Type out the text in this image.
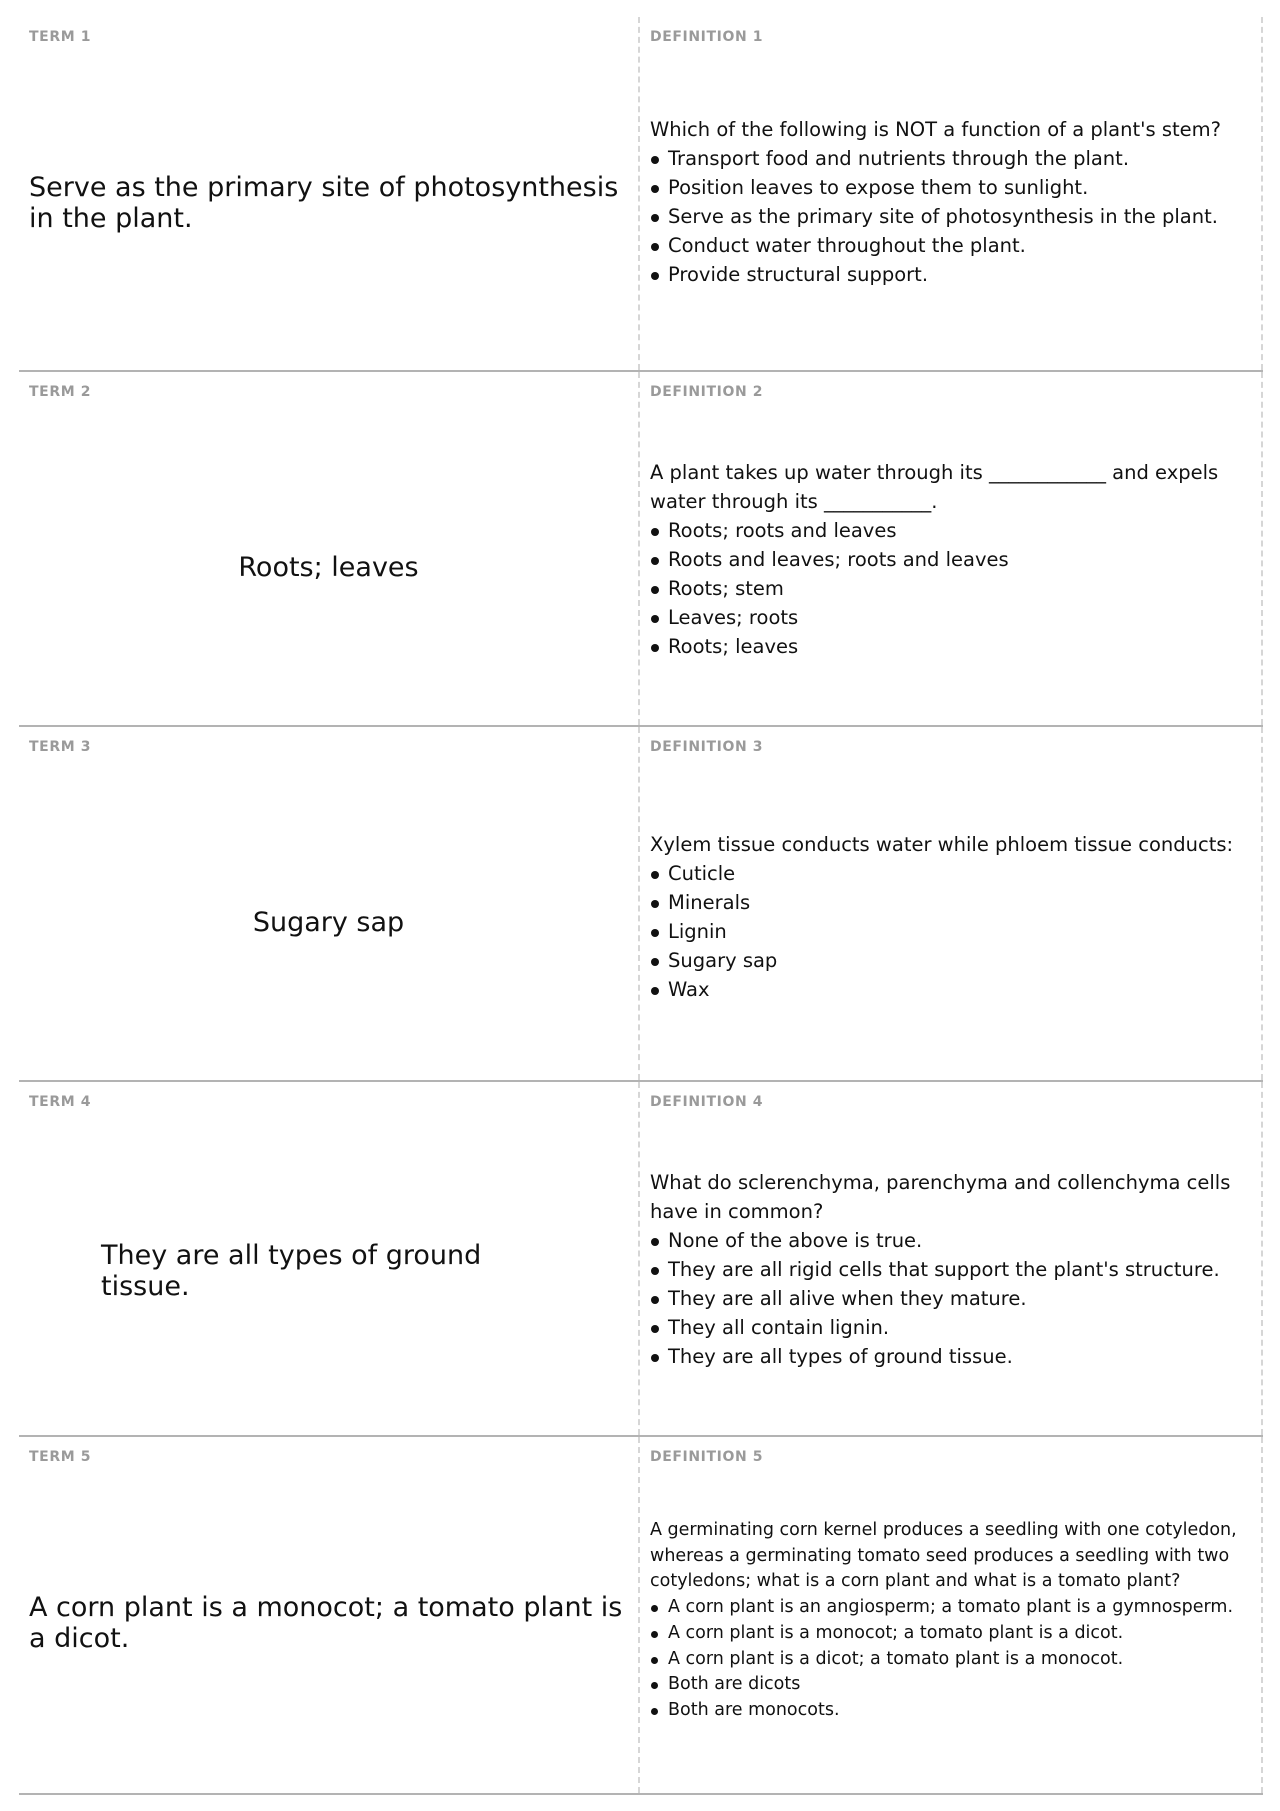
TERM 1
Serve as the primary site of photosynthesis in the plant.
DEFINITION 1

Which of the following is NOT a function of a plant's stem?

Transport food and nutrients through the plant.
Position leaves to expose them to sunlight.
Serve as the primary site of photosynthesis in the plant.
Conduct water throughout the plant.
Provide structural support.
TERM 2
Roots; leaves
DEFINITION 2

A plant takes up water through its ____________ and expels water through its ___________.

Roots; roots and leaves
Roots and leaves; roots and leaves
Roots; stem
Leaves; roots
Roots; leaves
TERM 3
Sugary sap
DEFINITION 3

Xylem tissue conducts water while phloem tissue conducts:

Cuticle
Minerals
Lignin
Sugary sap
Wax
TERM 4
They are all types of ground tissue.
DEFINITION 4

What do sclerenchyma, parenchyma and collenchyma cells have in common?

None of the above is true.
They are all rigid cells that support the plant's structure.
They are all alive when they mature.
They all contain lignin.
They are all types of ground tissue.
TERM 5
A corn plant is a monocot; a tomato plant is a dicot.
DEFINITION 5

A germinating corn kernel produces a seedling with one cotyledon, whereas a germinating tomato seed produces a seedling with two cotyledons; what is a corn plant and what is a tomato plant?

A corn plant is an angiosperm; a tomato plant is a gymnosperm.
A corn plant is a monocot; a tomato plant is a dicot.
A corn plant is a dicot; a tomato plant is a monocot.
Both are dicots
Both are monocots.
